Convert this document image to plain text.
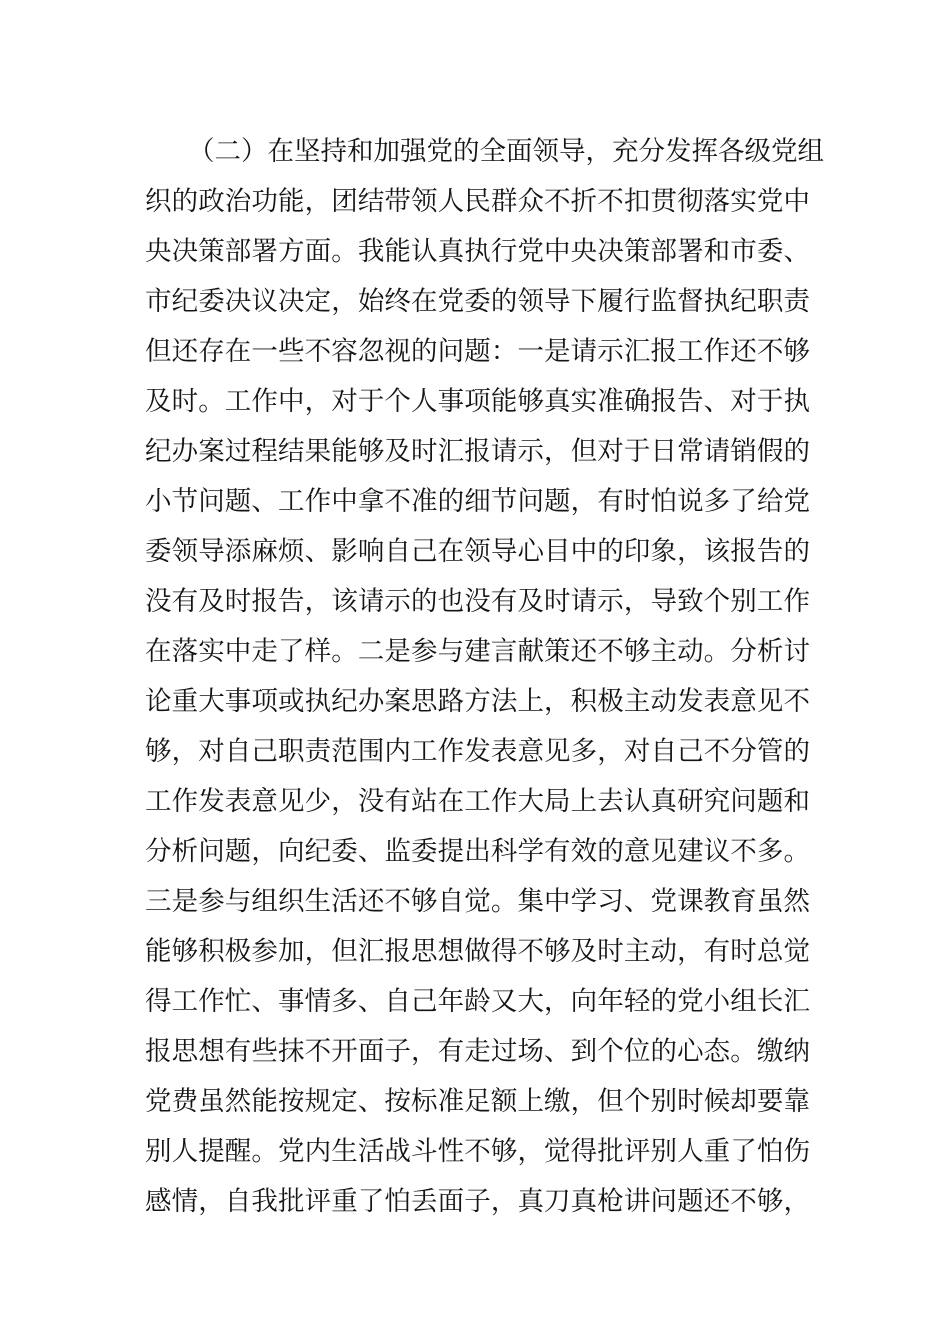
（二）在坚持和加强党的全面领导，充分发挥各级党组
织的政治功能，团结带领人民群众不折不扣贯彻落实党中
央决策部署方面。我能认真执行党中央决策部署和市委、
市纪委决议决定，始终在党委的领导下履行监督执纪职责
但还存在一些不容忽视的问题：一是请示汇报工作还不够
及时。工作中，对于个人事项能够真实准确报告、对于执
纪办案过程结果能够及时汇报请示，但对于日常请销假的
小节问题、工作中拿不准的细节问题，有时怕说多了给党
委领导添麻烦、影响自己在领导心目中的印象，该报告的
没有及时报告，该请示的也没有及时请示，导致个别工作
在落实中走了样。二是参与建言献策还不够主动。分析讨
论重大事项或执纪办案思路方法上，积极主动发表意见不
够，对自己职责范围内工作发表意见多，对自己不分管的
工作发表意见少，没有站在工作大局上去认真研究问题和
分析问题，向纪委、监委提出科学有效的意见建议不多。
三是参与组织生活还不够自觉。集中学习、党课教育虽然
能够积极参加，但汇报思想做得不够及时主动，有时总觉
得工作忙、事情多、自己年龄又大，向年轻的党小组长汇
报思想有些抹不开面子，有走过场、到个位的心态。缴纳
党费虽然能按规定、按标准足额上缴，但个别时候却要靠
别人提醒。党内生活战斗性不够，觉得批评别人重了怕伤
感情，自我批评重了怕丢面子，真刀真枪讲问题还不够，
